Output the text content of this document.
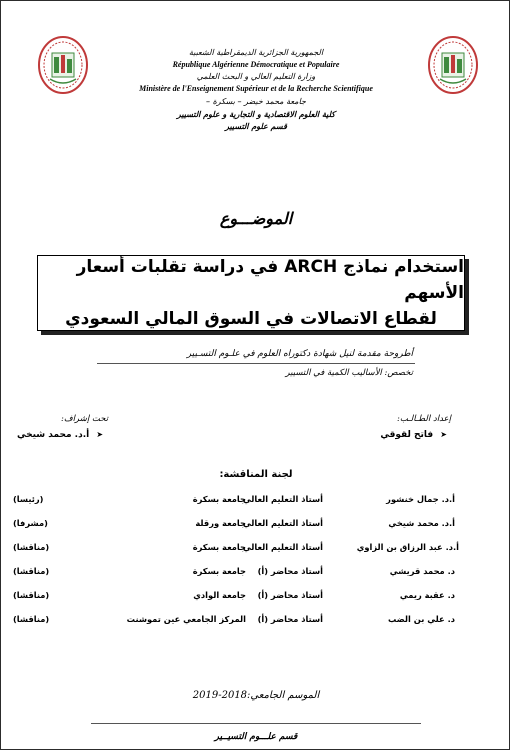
الجمهورية الجزائرية الديمقراطية الشعبية
République Algérienne Démocratique et Populaire
وزارة التعليم العالي و البحث العلمي
Ministère de l'Enseignement Supérieur et de la Recherche Scientifique
جامعة محمد خيضر – بسكرة –
كلية العلوم الاقتصادية و التجارية و علوم التسيير
قسم علوم التسيير
الموضـــوع
استخدام نماذج ARCH في دراسة تقلبات أسعار الأسهم
لقطاع الاتصالات في السوق المالي السعودي
أطروحة مقدمة لنيل شهادة دكتوراه العلوم في علـوم التسـيير
تخصص: الأساليب الكمية في التسيير
إعداد الطـالـب:
تحت إشراف:
➤ فاتح لقوقي
➤ أ.د. محمد شيخي
لجنة المناقشة:
أ.د. جمال خنشور
أستاذ التعليم العالي
جامعة بسكرة
(رئيسا)
أ.د. محمد شيخي
أستاذ التعليم العالي
جامعة ورقلة
(مشرفا)
أ.د. عبد الرزاق بن الزاوي
أستاذ التعليم العالي
جامعة بسكرة
(مناقشا)
د. محمد قريشي
أستاذ محاضر (أ)
جامعة بسكرة
(مناقشا)
د. عقبة ريمي
أستاذ محاضر (أ)
جامعة الوادي
(مناقشا)
د. علي بن الضب
أستاذ محاضر (أ)
المركز الجامعي عين تموشنت
(مناقشا)
الموسم الجامعي:2018-2019
قسم علـــوم التسيــير
